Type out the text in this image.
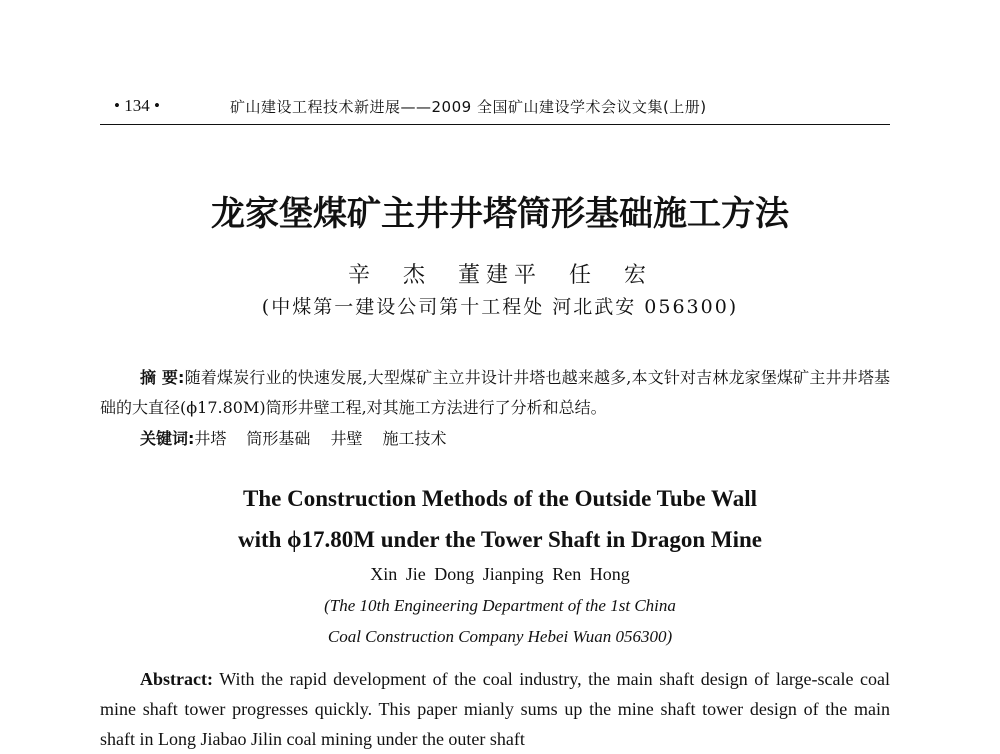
• 134 •	矿山建设工程技术新进展——2009 全国矿山建设学术会议文集(上册)
龙家堡煤矿主井井塔筒形基础施工方法
辛 杰 董建平 任 宏
(中煤第一建设公司第十工程处 河北武安 056300)
摘 要:随着煤炭行业的快速发展,大型煤矿主立井设计井塔也越来越多,本文针对吉林龙家堡煤矿主井井塔基础的大直径(ϕ17.80M)筒形井壁工程,对其施工方法进行了分析和总结。
关键词:井塔 筒形基础 井壁 施工技术
The Construction Methods of the Outside Tube Wall
with ϕ17.80M under the Tower Shaft in Dragon Mine
Xin Jie Dong Jianping Ren Hong
(The 10th Engineering Department of the 1st China
Coal Construction Company Hebei Wuan 056300)
Abstract: With the rapid development of the coal industry, the main shaft design of large-scale coal mine shaft tower progresses quickly. This paper mianly sums up the mine shaft tower design of the main shaft in Long Jiabao Jilin coal mining under the outer shaft
